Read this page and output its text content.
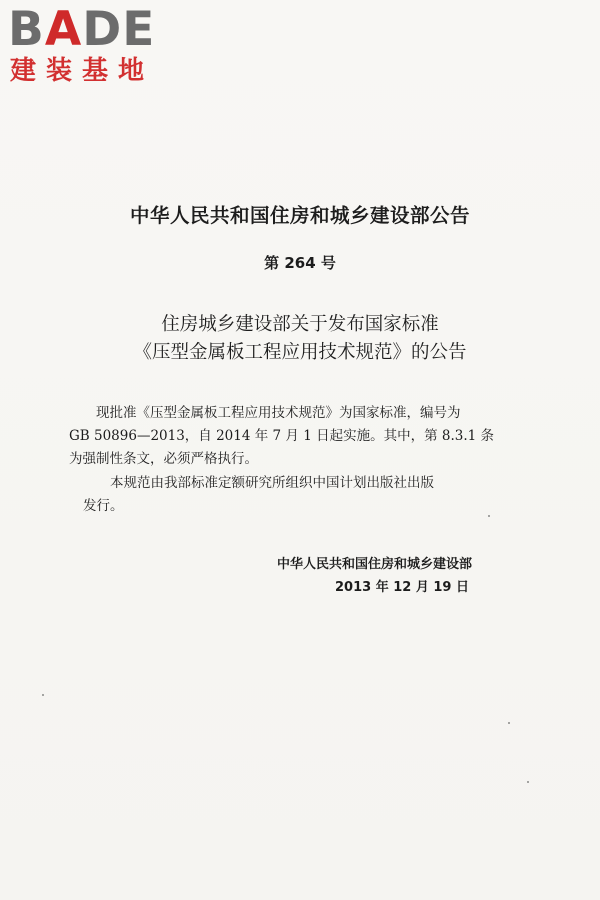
BADE
建装基地
中华人民共和国住房和城乡建设部公告
第 264 号
住房城乡建设部关于发布国家标准
《压型金属板工程应用技术规范》的公告
现批准《压型金属板工程应用技术规范》为国家标准，编号为
GB 50896—2013，自 2014 年 7 月 1 日起实施。其中，第 8.3.1 条
为强制性条文，必须严格执行。
本规范由我部标准定额研究所组织中国计划出版社出版
发行。
中华人民共和国住房和城乡建设部
2013 年 12 月 19 日
